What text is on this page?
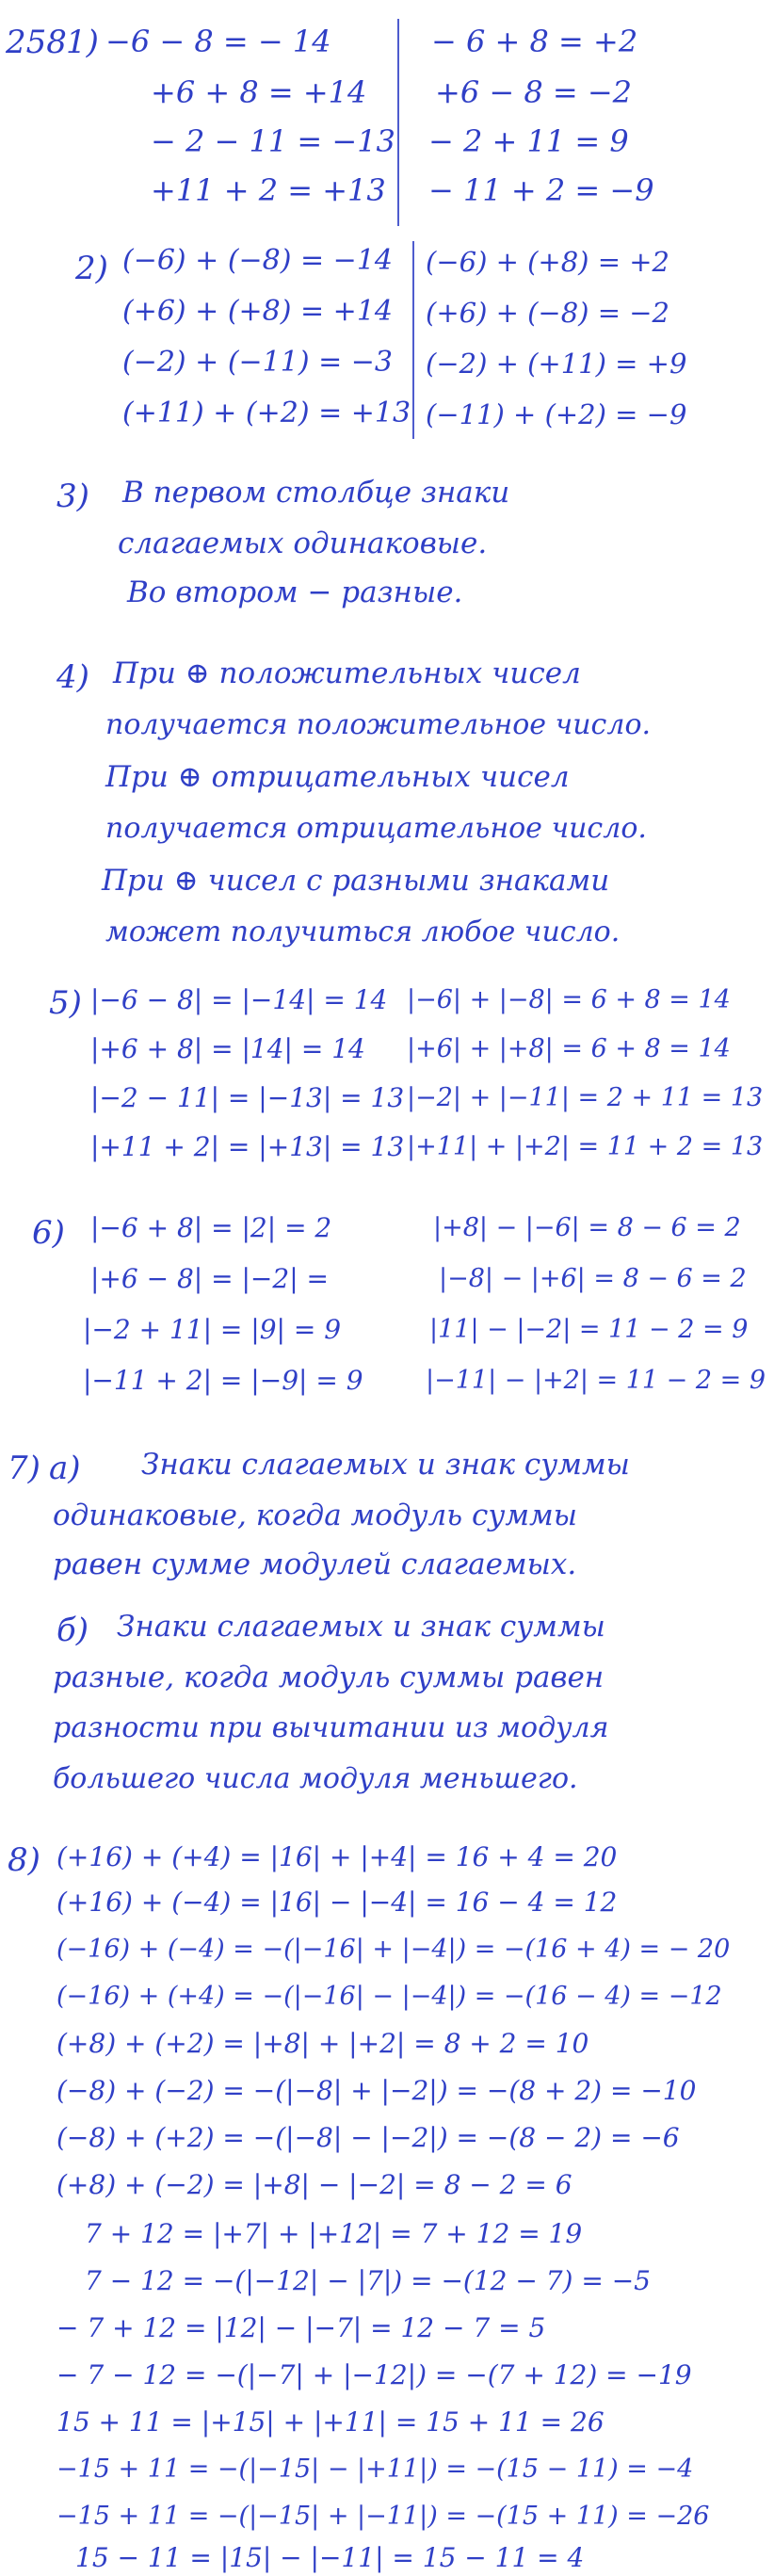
258 1) −6 − 8 = − 14
+6 + 8 = +14
− 2 − 11 = −13
+11 + 2 = +13
− 6 + 8 = +2
+6 − 8 = −2
− 2 + 11 = 9
− 11 + 2 = −9
2) (−6) + (−8) = −14
(+6) + (+8) = +14
(−2) + (−11) = −3
(+11) + (+2) = +13
(−6) + (+8) = +2
(+6) + (−8) = −2
(−2) + (+11) = +9
(−11) + (+2) = −9
3) В первом столбце знаки
слагаемых одинаковые.
Во втором − разные.
4) При ⊕ положительных чисел
получается положительное число.
При ⊕ отрицательных чисел
получается отрицательное число.
При ⊕ чисел с разными знаками
может получиться любое число.
5) |−6 − 8| = |−14| = 14
|+6 + 8| = |14| = 14
|−2 − 11| = |−13| = 13
|+11 + 2| = |+13| = 13
|−6| + |−8| = 6 + 8 = 14
|+6| + |+8| = 6 + 8 = 14
|−2| + |−11| = 2 + 11 = 13
|+11| + |+2| = 11 + 2 = 13
6) |−6 + 8| = |2| = 2
|+6 − 8| = |−2| =
|−2 + 11| = |9| = 9
|−11 + 2| = |−9| = 9
|+8| − |−6| = 8 − 6 = 2
|−8| − |+6| = 8 − 6 = 2
|11| − |−2| = 11 − 2 = 9
|−11| − |+2| = 11 − 2 = 9
7) а) Знаки слагаемых и знак суммы
одинаковые, когда модуль суммы
равен сумме модулей слагаемых.
б) Знаки слагаемых и знак суммы
разные, когда модуль суммы равен
разности при вычитании из модуля
большего числа модуля меньшего.
8) (+16) + (+4) = |16| + |+4| = 16 + 4 = 20
(+16) + (−4) = |16| − |−4| = 16 − 4 = 12
(−16) + (−4) = −(|−16| + |−4|) = −(16 + 4) = − 20
(−16) + (+4) = −(|−16| − |−4|) = −(16 − 4) = −12
(+8) + (+2) = |+8| + |+2| = 8 + 2 = 10
(−8) + (−2) = −(|−8| + |−2|) = −(8 + 2) = −10
(−8) + (+2) = −(|−8| − |−2|) = −(8 − 2) = −6
(+8) + (−2) = |+8| − |−2| = 8 − 2 = 6
7 + 12 = |+7| + |+12| = 7 + 12 = 19
7 − 12 = −(|−12| − |7|) = −(12 − 7) = −5
− 7 + 12 = |12| − |−7| = 12 − 7 = 5
− 7 − 12 = −(|−7| + |−12|) = −(7 + 12) = −19
15 + 11 = |+15| + |+11| = 15 + 11 = 26
−15 + 11 = −(|−15| − |+11|) = −(15 − 11) = −4
−15 + 11 = −(|−15| + |−11|) = −(15 + 11) = −26
15 − 11 = |15| − |−11| = 15 − 11 = 4
